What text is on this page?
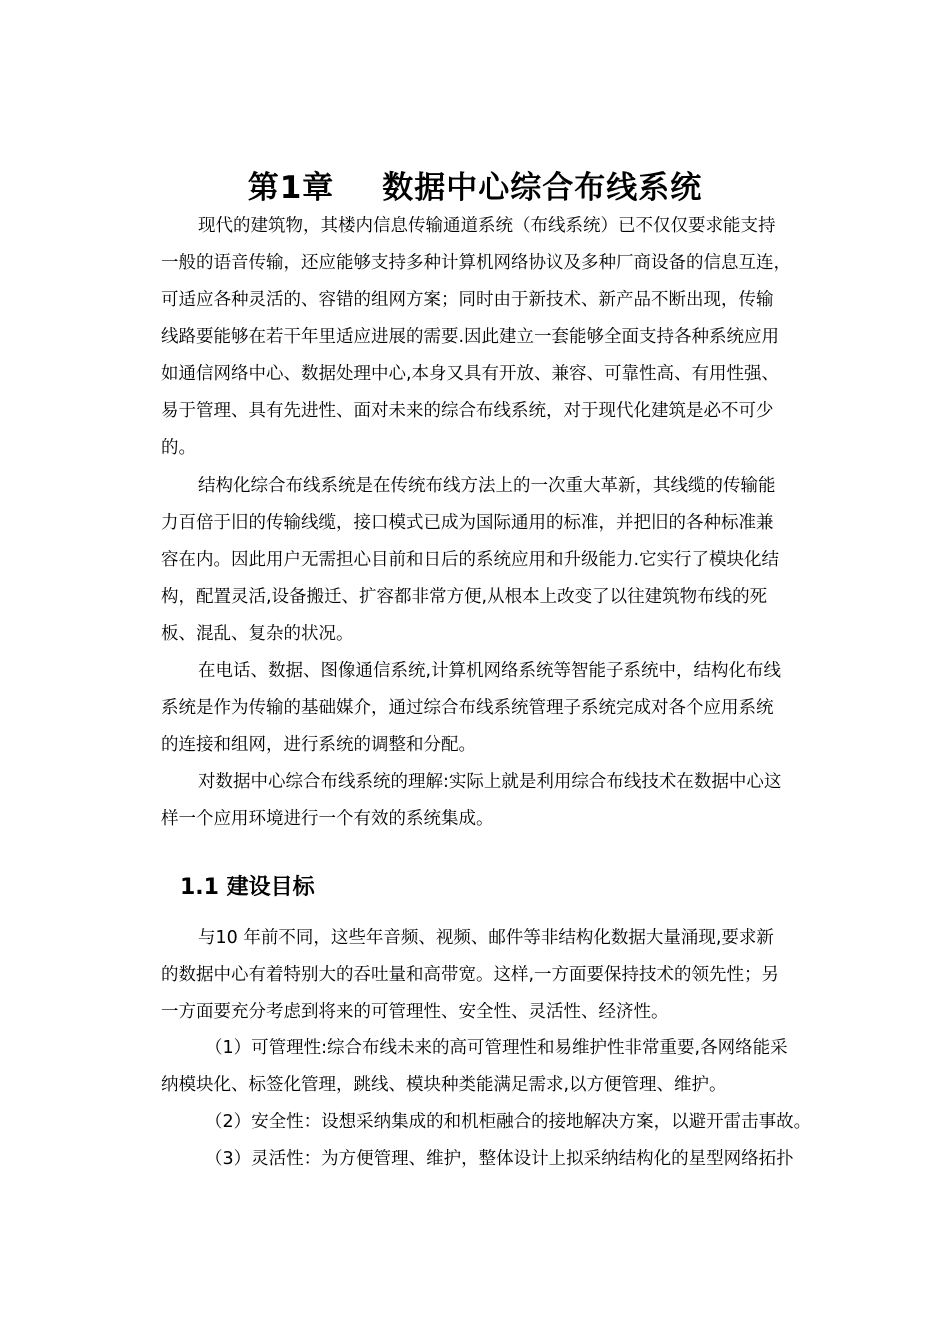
第1章 数据中心综合布线系统
现代的建筑物，其楼内信息传输通道系统（布线系统）已不仅仅要求能支持
一般的语音传输，还应能够支持多种计算机网络协议及多种厂商设备的信息互连，
可适应各种灵活的、容错的组网方案；同时由于新技术、新产品不断出现，传输
线路要能够在若干年里适应进展的需要.因此建立一套能够全面支持各种系统应用
如通信网络中心、数据处理中心,本身又具有开放、兼容、可靠性高、有用性强、
易于管理、具有先进性、面对未来的综合布线系统，对于现代化建筑是必不可少
的。
结构化综合布线系统是在传统布线方法上的一次重大革新，其线缆的传输能
力百倍于旧的传输线缆，接口模式已成为国际通用的标准，并把旧的各种标准兼
容在内。因此用户无需担心目前和日后的系统应用和升级能力.它实行了模块化结
构，配置灵活,设备搬迁、扩容都非常方便,从根本上改变了以往建筑物布线的死
板、混乱、复杂的状况。
在电话、数据、图像通信系统,计算机网络系统等智能子系统中，结构化布线
系统是作为传输的基础媒介，通过综合布线系统管理子系统完成对各个应用系统
的连接和组网，进行系统的调整和分配。
对数据中心综合布线系统的理解:实际上就是利用综合布线技术在数据中心这
样一个应用环境进行一个有效的系统集成。
1.1 建设目标
与10 年前不同，这些年音频、视频、邮件等非结构化数据大量涌现,要求新
的数据中心有着特别大的吞吐量和高带宽。这样,一方面要保持技术的领先性；另
一方面要充分考虑到将来的可管理性、安全性、灵活性、经济性。
（1）可管理性:综合布线未来的高可管理性和易维护性非常重要,各网络能采
纳模块化、标签化管理，跳线、模块种类能满足需求,以方便管理、维护。
（2）安全性：设想采纳集成的和机柜融合的接地解决方案，以避开雷击事故。
（3）灵活性：为方便管理、维护，整体设计上拟采纳结构化的星型网络拓扑
